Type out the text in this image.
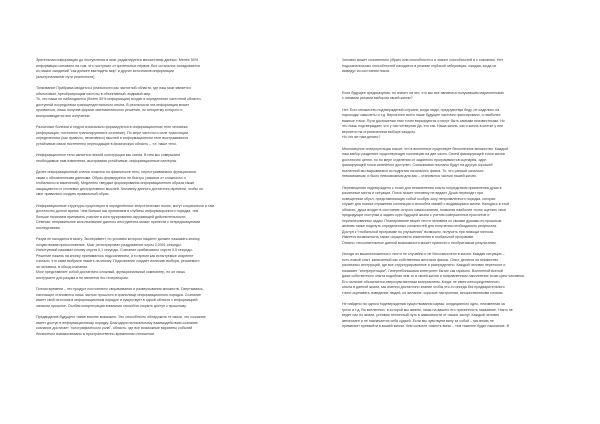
Зрительная информация до поступления в мозг редактируется множеством данных. Менее 50%
информации основано на том, что поступает от зрительных нервов. Все остальное складывается
из наших ожиданий "как должен выглядеть мир" и других источников информации
(альтернативные пути реальности).
Толкование Прибрама сводится к реальности как частотной области, где наш мозг является
объективом, преобразующим частоты в объективный, видимый мир.
То, что наши не наблюдаются (более 50% информации) входит в определение частотной области,
доступной посредством трансцендентального опыта. В реальности эта информация может
проявиться, лишь получив формат математического решения, по алгоритму которого и
воспроизводится все излучение.
Различные болезни и недуги изначально формируются в информационном теле человека
(информация, постоянно транслируемая в сознание). По мере частоты и силе трансляции
определенных (как правило, негативных) мыслей в информационном теле выстраиваются
устойчивые связи постепенно переходящие в физическую область – т.е. наше тело.
Информационное тело является некоей конструкции как схема. В нем мы совершаем
необходимые нам изменения, выстраивая устойчивые, информационные паттерны.
Далее информационный слепок ложится на физическое тело, перестраиваемого функционала
связи с обновленными данными. Образ формируется не быстро (зависит от сложности и
глобальности изменений). Медленно твердые формирования информационного образа также
защищаются от стилевых деструктивных мыслей. Человеку данного достаточно времени, чтобы он
смог правильно создать правильный образ.
Информационные структуры существуют в определённых энергетических полях, могут сохраниться и там
достаточно долгое время. Чем больше мы проникаем в глубины информационного порядка, тем
больше начинаем принимать участие в конструировании окружающей действительности.
Отвечая: неправильное использование данного инструмента может принести к непредсказуемым
последствиям.
Разум не находится в мозгу. Эксперимент, по условию которого пациент должен нажимать кнопку,
почувствовав прикосновение. Мозг регистрировал раздражение через 0,0001 секунды.
Испытуемый нажимал кнопку спустя 0,1 секунды. Сознание срабатывало спустя 0,5 секунды.
Решение нажать на кнопку принималось подсознанием, а то время как испытуемые искренне
считали, что сами выбрали нажать на кнопку. Подсознание создает иллюзию выбора, решаемого
за человека, в обход сознания.
Мозг представляет собой достаточно сложный, функциональный компьютер, но он лишь
инструмент для разума и не является его генератором.
Потоки времени – это продукт постоянного сворачивания и развертывания множеств. Свертываясь,
настоящее становится лишь частью прошлого в хранилище информационного порядка. Сознание
имеет свой источник в информационном порядке и существует в одной области с информацией
запасом прошлое. Особая концентрация внимания способна открыть доступ к прошлому.
Предвидение будущего также вполне возможно. Это способность обнаружить те связи, что сознание
имеет доступ в информационному порядку. Благодаря нелокальному взаимодействию сознание
сознание достигает "голографического узла", область, где все возможные варианты событий
бесконечно взаимосвязаны в пространственно-временном отношении.
Человек может сознательно убрать или способности к и значит способностей и к сознанию. Нет
подсознательных способностей находится в режиме глубокой гибернации, ожидая, когда их
выведут из состояния покоя.
Если будущее предсказуемо, но значит ли это, что мы все являемся получившим марионетками
с липкими рычами выбором своей жизни?
Нет. Есть множество подтверждений случаев, когда люди, предчувствуя беду, не садились на
пароходы/ самолеты и т.д. Вероятнее всего наше будущее частично фиксировано, и наиболее
важные точки. Пути достижения этих точек варьируются и могут быть самыми неизвестными. Но
это лишь подтверждает, что у нас четвертая Да, это так. Наша жизнь, как и жизнь в клетке у нее
вероятно на ограниченном выборе каждого.
Но что же нам делать?
Многомерное интерпретация гласит, что в вселенных существует бесконечное множество. Каждый
наш выбор разделяет существующую коллекцию на две части. Своей фиксирующей точки жизни
достаточно ценно, но по мере отделения от заданного программистов сценария, один
фиксирующей точки семейного доступен. Союзниками посланы будут на другую хорошей
вселенной мы вырываемся из подрятия начального фикса. То, что раньше казалось
невозможным, и было невозможным для вас – становится частью нашей жизни.
Перемещения подтверждено с точки для неизменения опыта посредством применения души в
различные места и ситуации. Поток может человеку не ведает. Душа переходит при
освещенном обусл, представляющую собой особую зону непроявленного порядка, которая
служит для поиска отражения коллекции и способна связей с выдающимся жизни. Находясь в этой
области, душа входит в состояние острого самосознания, позволяя наиболее точно оценить свои
предыдущие поступки и задать курс будущей жизни с учетом совершенных просчетов и
нереализованных задач. Планирование может нести человека со своими душами по прошлым
жизням также подкнуть определенных сложностей для получения необходимого результата.
Доступ к "глобальной программе по улучшению" возможно, получить при помощи гипноза.
Имеется возможность также осуществить изменения в глобальной программе.
Опасно: несознательные данной возможности может принести к необратимым результатам.
Исходя из вышеизложенного: ничто не случайно и не бесссмыслено в жизни. Каждая ситуация –
есть новый опыт, записанный как собственная жестокое фиксы. Опыт, делится на множество
различных инструкций, где все структурированное и распределено. Каждый человек переносит и
называет "интерпретации". Гипертебольшими интегритет бытие как гармоно. Вселенной вселой
даже собственного опыта подобная чем-то в своей жизни и направленным наполнения точки цепи человека.
Его наличие объясняется сверхчувственным восприятием. Когда, не имея непосредственного
опыта в данной жизни, мы именно достаточно знание чтобы что-то иногда без предварительного
точно оценивать поведение людей, их желание, скрытые настроения, множественными словом.
Не найдено ни одного подтверждения существования кармы, кондицииного одно, неизменная за
грехи и т.д. Во вселенных, в которой мы живем, лишь на вашего его причинность наказание. Никто не
ведет нас по жизни, усеивая тепличный путь в зависимости от наших заслуг. Каждый человек
автономен и не назначается себя судьей. Если мы чувствуем вину за собой – мы вновь не
применяет превзойти в вашей жизни. Чем сильнее тяжесть вины – тем тяжелее будет наказание. В
